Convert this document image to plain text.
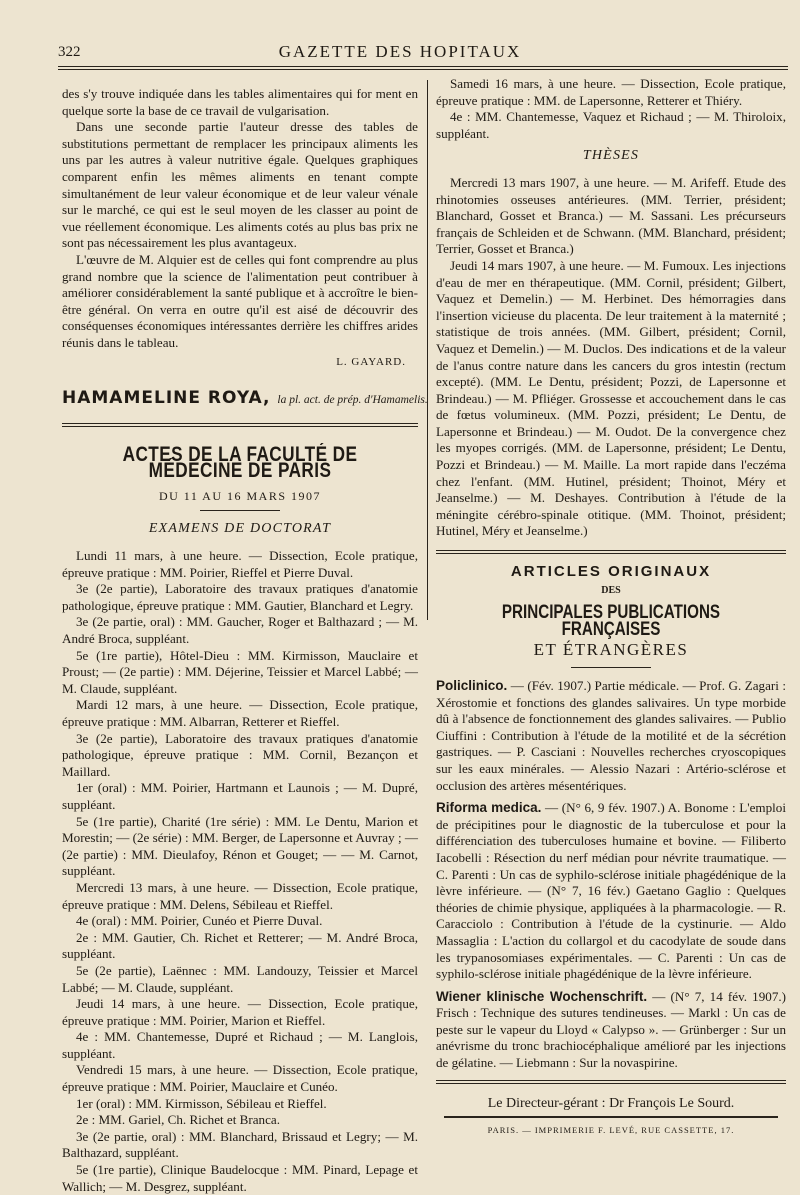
322	GAZETTE DES HOPITAUX

des s'y trouve indiquée dans les tables alimentaires qui for ment en quelque sorte la base de ce travail de vulgarisation.

Dans une seconde partie l'auteur dresse des tables de substitutions permettant de remplacer les principaux aliments les uns par les autres à valeur nutritive égale. Quelques graphiques comparent enfin les mêmes aliments en tenant compte simultanément de leur valeur économique et de leur valeur vénale sur le marché, ce qui est le seul moyen de les classer au point de vue réellement économique. Les aliments cotés au plus bas prix ne sont pas nécessairement les plus avantageux.

L'œuvre de M. Alquier est de celles qui font comprendre au plus grand nombre que la science de l'alimentation peut contribuer à améliorer considérablement la santé publique et à accroître le bien-être général. On verra en outre qu'il est aisé de découvrir des conséquenses économiques intéressantes derrière les chiffres arides réunis dans le tableau.

L. GAYARD.
HAMAMELINE ROYA, la pl. act. de prép. d'Hamamelis.
ACTES DE LA FACULTÉ DE MÉDECINE DE PARIS
DU 11 AU 16 MARS 1907
EXAMENS DE DOCTORAT

Lundi 11 mars, à une heure. — Dissection, Ecole pratique, épreuve pratique : MM. Poirier, Rieffel et Pierre Duval.

3e (2e partie), Laboratoire des travaux pratiques d'anatomie pathologique, épreuve pratique : MM. Gautier, Blanchard et Legry.

3e (2e partie, oral) : MM. Gaucher, Roger et Balthazard ; — M. André Broca, suppléant.

5e (1re partie), Hôtel-Dieu : MM. Kirmisson, Mauclaire et Proust; — (2e partie) : MM. Déjerine, Teissier et Marcel Labbé; — M. Claude, suppléant.

Mardi 12 mars, à une heure. — Dissection, Ecole pratique, épreuve pratique : MM. Albarran, Retterer et Rieffel.

3e (2e partie), Laboratoire des travaux pratiques d'anatomie pathologique, épreuve pratique : MM. Cornil, Bezançon et Maillard.

1er (oral) : MM. Poirier, Hartmann et Launois ; — M. Dupré, suppléant.

5e (1re partie), Charité (1re série) : MM. Le Dentu, Marion et Morestin; — (2e série) : MM. Berger, de Lapersonne et Auvray ; — (2e partie) : MM. Dieulafoy, Rénon et Gouget; — — M. Carnot, suppléant.

Mercredi 13 mars, à une heure. — Dissection, Ecole pratique, épreuve pratique : MM. Delens, Sébileau et Rieffel.

4e (oral) : MM. Poirier, Cunéo et Pierre Duval.

2e : MM. Gautier, Ch. Richet et Retterer; — M. André Broca, suppléant.

5e (2e partie), Laënnec : MM. Landouzy, Teissier et Marcel Labbé; — M. Claude, suppléant.

Jeudi 14 mars, à une heure. — Dissection, Ecole pratique, épreuve pratique : MM. Poirier, Marion et Rieffel.

4e : MM. Chantemesse, Dupré et Richaud ; — M. Langlois, suppléant.

Vendredi 15 mars, à une heure. — Dissection, Ecole pratique, épreuve pratique : MM. Poirier, Mauclaire et Cunéo.

1er (oral) : MM. Kirmisson, Sébileau et Rieffel.

2e : MM. Gariel, Ch. Richet et Branca.

3e (2e partie, oral) : MM. Blanchard, Brissaud et Legry; — M. Balthazard, suppléant.

5e (1re partie), Clinique Baudelocque : MM. Pinard, Lepage et Wallich; — M. Desgrez, suppléant.

Samedi 16 mars, à une heure. — Dissection, Ecole pratique, épreuve pratique : MM. de Lapersonne, Retterer et Thiéry.

4e : MM. Chantemesse, Vaquez et Richaud ; — M. Thiroloix, suppléant.

THÈSES

Mercredi 13 mars 1907, à une heure. — M. Arifeff. Etude des rhinotomies osseuses antérieures. (MM. Terrier, président; Blanchard, Gosset et Branca.) — M. Sassani. Les précurseurs français de Schleiden et de Schwann. (MM. Blanchard, président; Terrier, Gosset et Branca.)

Jeudi 14 mars 1907, à une heure. — M. Fumoux. Les injections d'eau de mer en thérapeutique. (MM. Cornil, président; Gilbert, Vaquez et Demelin.) — M. Herbinet. Des hémorragies dans l'insertion vicieuse du placenta. De leur traitement à la maternité ; statistique de trois années. (MM. Gilbert, président; Cornil, Vaquez et Demelin.) — M. Duclos. Des indications et de la valeur de l'anus contre nature dans les cancers du gros intestin (rectum excepté). (MM. Le Dentu, président; Pozzi, de Lapersonne et Brindeau.) — M. Pfliéger. Grossesse et accouchement dans le cas de fœtus volumineux. (MM. Pozzi, président; Le Dentu, de Lapersonne et Brindeau.) — M. Oudot. De la convergence chez les myopes corrigés. (MM. de Lapersonne, président; Le Dentu, Pozzi et Brindeau.) — M. Maille. La mort rapide dans l'eczéma chez l'enfant. (MM. Hutinel, président; Thoinot, Méry et Jeanselme.) — M. Deshayes. Contribution à l'étude de la méningite cérébro-spinale otitique. (MM. Thoinot, président; Hutinel, Méry et Jeanselme.)

ARTICLES ORIGINAUX
DES
PRINCIPALES PUBLICATIONS FRANÇAISES
ET ÉTRANGÈRES

Policlinico. — (Fév. 1907.) Partie médicale. — Prof. G. Zagari : Xérostomie et fonctions des glandes salivaires. Un type morbide dû à l'absence de fonctionnement des glandes salivaires. — Publio Ciuffini : Contribution à l'étude de la motilité et de la sécrétion gastriques. — P. Casciani : Nouvelles recherches cryoscopiques sur les eaux minérales. — Alessio Nazari : Artério-sclérose et occlusion des artères mésentériques.

Riforma medica. — (N° 6, 9 fév. 1907.) A. Bonome : L'emploi de précipitines pour le diagnostic de la tuberculose et pour la différenciation des tuberculoses humaine et bovine. — Filiberto Iacobelli : Résection du nerf médian pour névrite traumatique. — C. Parenti : Un cas de syphilo-sclérose initiale phagédénique de la lèvre inférieure. — (N° 7, 16 fév.) Gaetano Gaglio : Quelques théories de chimie physique, appliquées à la pharmacologie. — R. Caracciolo : Contribution à l'étude de la cystinurie. — Aldo Massaglia : L'action du collargol et du cacodylate de soude dans les trypanosomiases expérimentales. — C. Parenti : Un cas de syphilo-sclérose initiale phagédénique de la lèvre inférieure.

Wiener klinische Wochenschrift. — (N° 7, 14 fév. 1907.) Frisch : Technique des sutures tendineuses. — Markl : Un cas de peste sur le vapeur du Lloyd « Calypso ». — Grünberger : Sur un anévrisme du tronc brachiocéphalique amélioré par les injections de gélatine. — Liebmann : Sur la novaspirine.

Le Directeur-gérant : Dr François Le Sourd.
PARIS. — IMPRIMERIE F. LEVÉ, RUE CASSETTE, 17.
